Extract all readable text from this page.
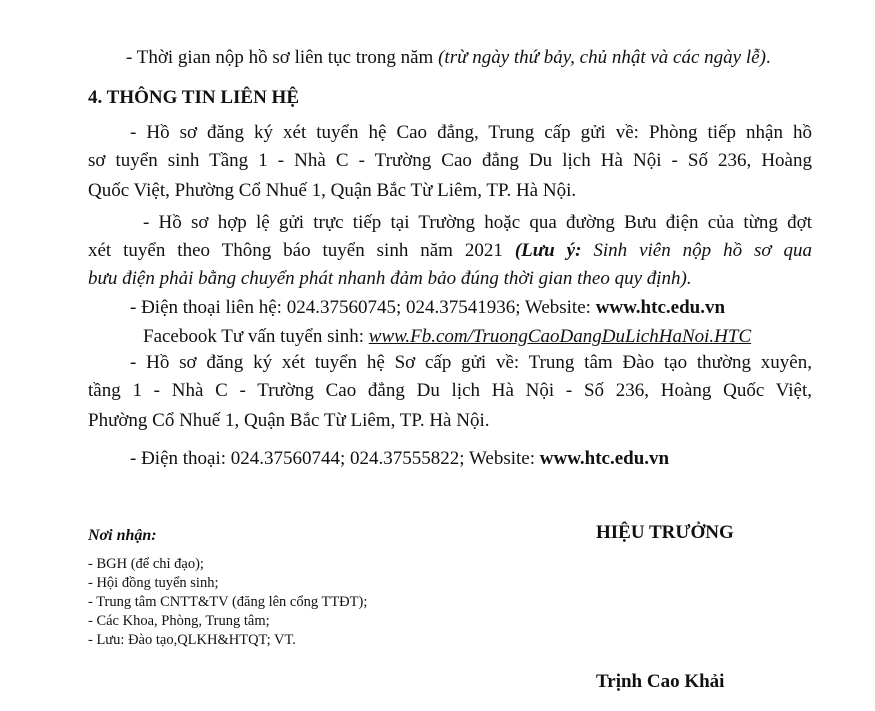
- Thời gian nộp hồ sơ liên tục trong năm (trừ ngày thứ bảy, chủ nhật và các ngày lễ).
4. THÔNG TIN LIÊN HỆ
- Hồ sơ đăng ký xét tuyển hệ Cao đẳng, Trung cấp gửi về: Phòng tiếp nhận hồ
sơ tuyển sinh Tầng 1 - Nhà C - Trường Cao đẳng Du lịch Hà Nội - Số 236, Hoàng
Quốc Việt, Phường Cổ Nhuế 1, Quận Bắc Từ Liêm, TP. Hà Nội.
- Hồ sơ hợp lệ gửi trực tiếp tại Trường hoặc qua đường Bưu điện của từng đợt
xét tuyển theo Thông báo tuyển sinh năm 2021 (Lưu ý: Sinh viên nộp hồ sơ qua
bưu điện phải bằng chuyển phát nhanh đảm bảo đúng thời gian theo quy định).
- Điện thoại liên hệ: 024.37560745; 024.37541936; Website: www.htc.edu.vn
Facebook Tư vấn tuyển sinh: www.Fb.com/TruongCaoDangDuLichHaNoi.HTC
- Hồ sơ đăng ký xét tuyển hệ Sơ cấp gửi về: Trung tâm Đào tạo thường xuyên,
tầng 1 - Nhà C - Trường Cao đẳng Du lịch Hà Nội - Số 236, Hoàng Quốc Việt,
Phường Cổ Nhuế 1, Quận Bắc Từ Liêm, TP. Hà Nội.
- Điện thoại: 024.37560744; 024.37555822; Website: www.htc.edu.vn
Nơi nhận:
- BGH (để chỉ đạo);
- Hội đồng tuyển sinh;
- Trung tâm CNTT&TV (đăng lên cổng TTĐT);
- Các Khoa, Phòng, Trung tâm;
- Lưu: Đào tạo,QLKH&HTQT; VT.
HIỆU TRƯỞNG
Trịnh Cao Khải
